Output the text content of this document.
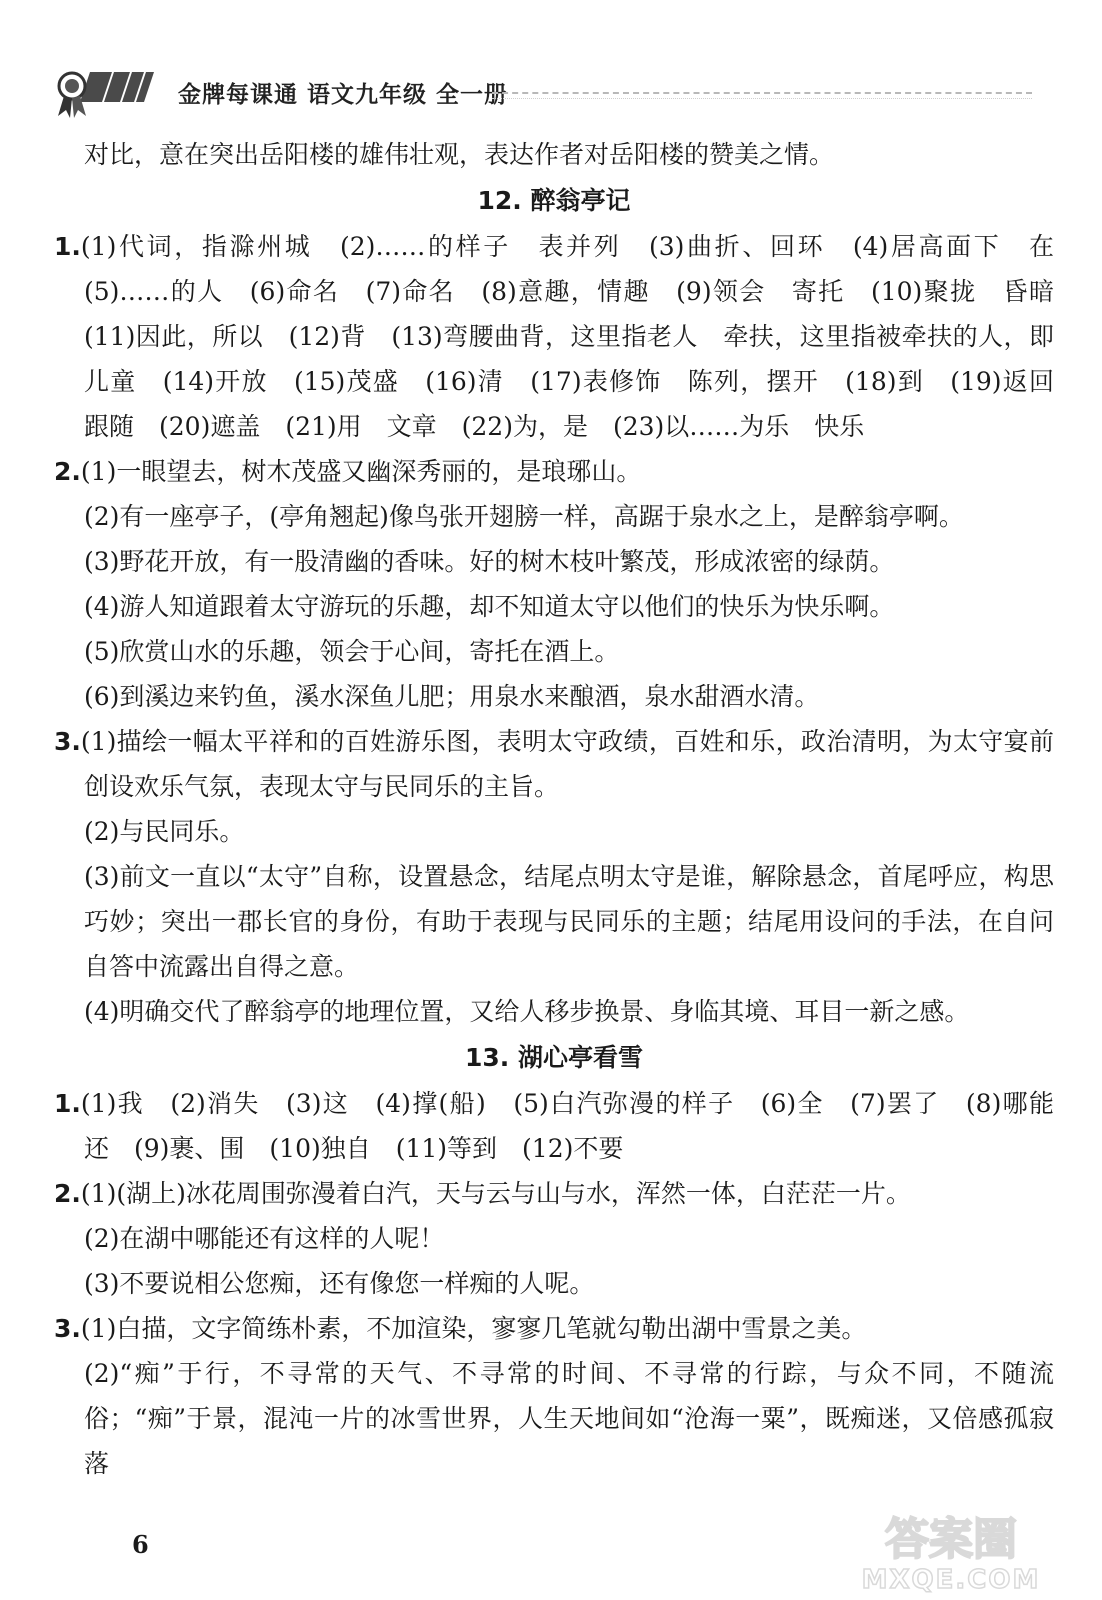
金牌每课通 语文九年级 全一册

对比，意在突出岳阳楼的雄伟壮观，表达作者对岳阳楼的赞美之情。

12. 醉翁亭记

1.(1)代词，指滁州城　(2)……的样子　表并列　(3)曲折、回环　(4)居高面下　在　(5)……的人　(6)命名　(7)命名　(8)意趣，情趣　(9)领会　寄托　(10)聚拢　昏暗　(11)因此，所以　(12)背　(13)弯腰曲背，这里指老人　牵扶，这里指被牵扶的人，即儿童　(14)开放　(15)茂盛　(16)清　(17)表修饰　陈列，摆开　(18)到　(19)返回　跟随　(20)遮盖　(21)用　文章　(22)为，是　(23)以……为乐　快乐

2.(1)一眼望去，树木茂盛又幽深秀丽的，是琅琊山。

(2)有一座亭子，(亭角翘起)像鸟张开翅膀一样，高踞于泉水之上，是醉翁亭啊。

(3)野花开放，有一股清幽的香味。好的树木枝叶繁茂，形成浓密的绿荫。

(4)游人知道跟着太守游玩的乐趣，却不知道太守以他们的快乐为快乐啊。

(5)欣赏山水的乐趣，领会于心间，寄托在酒上。

(6)到溪边来钓鱼，溪水深鱼儿肥；用泉水来酿酒，泉水甜酒水清。

3.(1)描绘一幅太平祥和的百姓游乐图，表明太守政绩，百姓和乐，政治清明，为太守宴前创设欢乐气氛，表现太守与民同乐的主旨。

(2)与民同乐。

(3)前文一直以“太守”自称，设置悬念，结尾点明太守是谁，解除悬念，首尾呼应，构思巧妙；突出一郡长官的身份，有助于表现与民同乐的主题；结尾用设问的手法，在自问自答中流露出自得之意。

(4)明确交代了醉翁亭的地理位置，又给人移步换景、身临其境、耳目一新之感。

13. 湖心亭看雪

1.(1)我　(2)消失　(3)这　(4)撑(船)　(5)白汽弥漫的样子　(6)全　(7)罢了　(8)哪能　还　(9)裹、围　(10)独自　(11)等到　(12)不要

2.(1)(湖上)冰花周围弥漫着白汽，天与云与山与水，浑然一体，白茫茫一片。

(2)在湖中哪能还有这样的人呢！

(3)不要说相公您痴，还有像您一样痴的人呢。

3.(1)白描，文字简练朴素，不加渲染，寥寥几笔就勾勒出湖中雪景之美。

(2)“痴”于行，不寻常的天气、不寻常的时间、不寻常的行踪，与众不同，不随流俗；“痴”于景，混沌一片的冰雪世界，人生天地间如“沧海一粟”，既痴迷，又倍感孤寂落

6	答案圈
MXQE.COM
